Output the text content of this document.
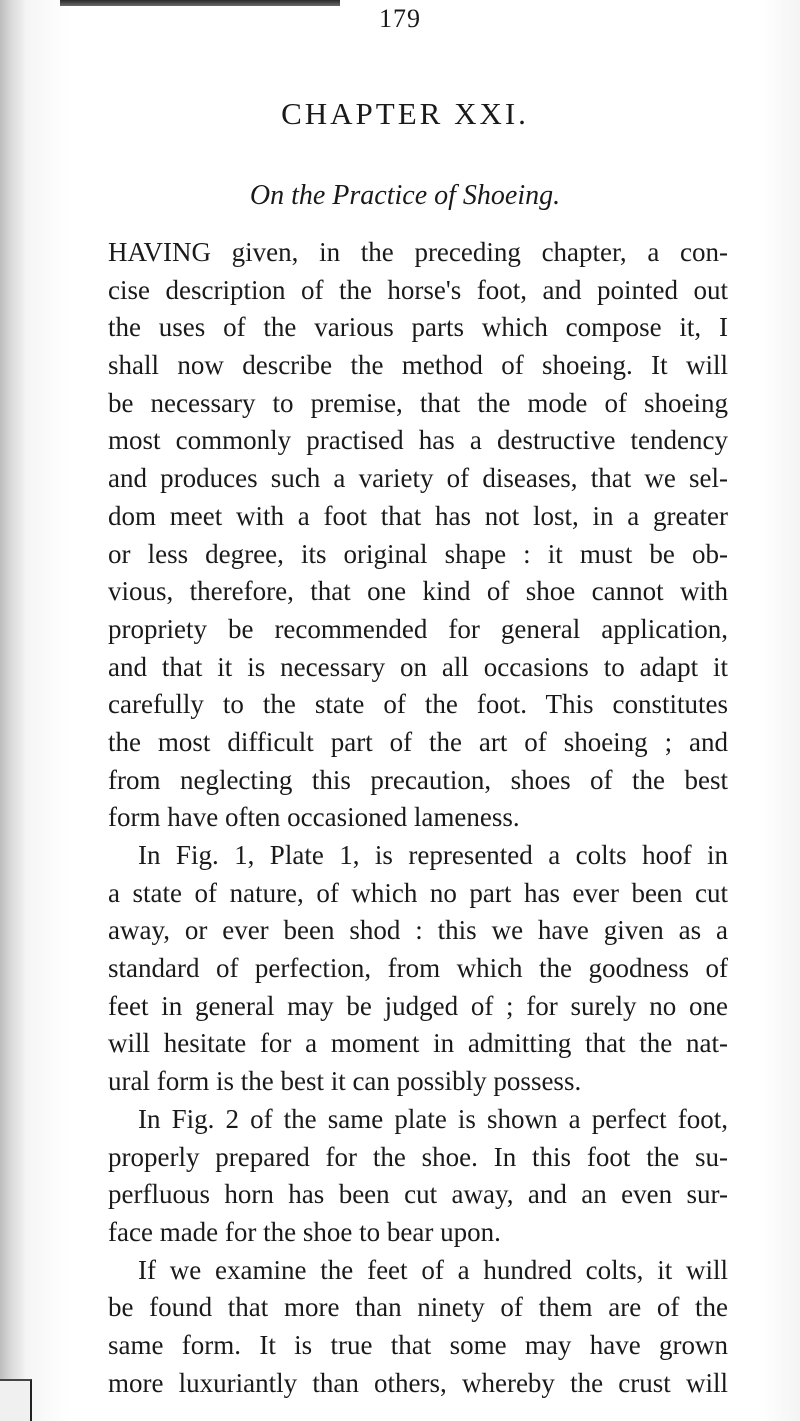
179
CHAPTER XXI.
On the Practice of Shoeing.
HAVING given, in the preceding chapter, a con-
cise description of the horse's foot, and pointed out
the uses of the various parts which compose it, I
shall now describe the method of shoeing. It will
be necessary to premise, that the mode of shoeing
most commonly practised has a destructive tendency
and produces such a variety of diseases, that we sel-
dom meet with a foot that has not lost, in a greater
or less degree, its original shape : it must be ob-
vious, therefore, that one kind of shoe cannot with
propriety be recommended for general application,
and that it is necessary on all occasions to adapt it
carefully to the state of the foot. This constitutes
the most difficult part of the art of shoeing ; and
from neglecting this precaution, shoes of the best
form have often occasioned lameness.
In Fig. 1, Plate 1, is represented a colts hoof in
a state of nature, of which no part has ever been cut
away, or ever been shod : this we have given as a
standard of perfection, from which the goodness of
feet in general may be judged of ; for surely no one
will hesitate for a moment in admitting that the nat-
ural form is the best it can possibly possess.
In Fig. 2 of the same plate is shown a perfect foot,
properly prepared for the shoe. In this foot the su-
perfluous horn has been cut away, and an even sur-
face made for the shoe to bear upon.
If we examine the feet of a hundred colts, it will
be found that more than ninety of them are of the
same form. It is true that some may have grown
more luxuriantly than others, whereby the crust will
